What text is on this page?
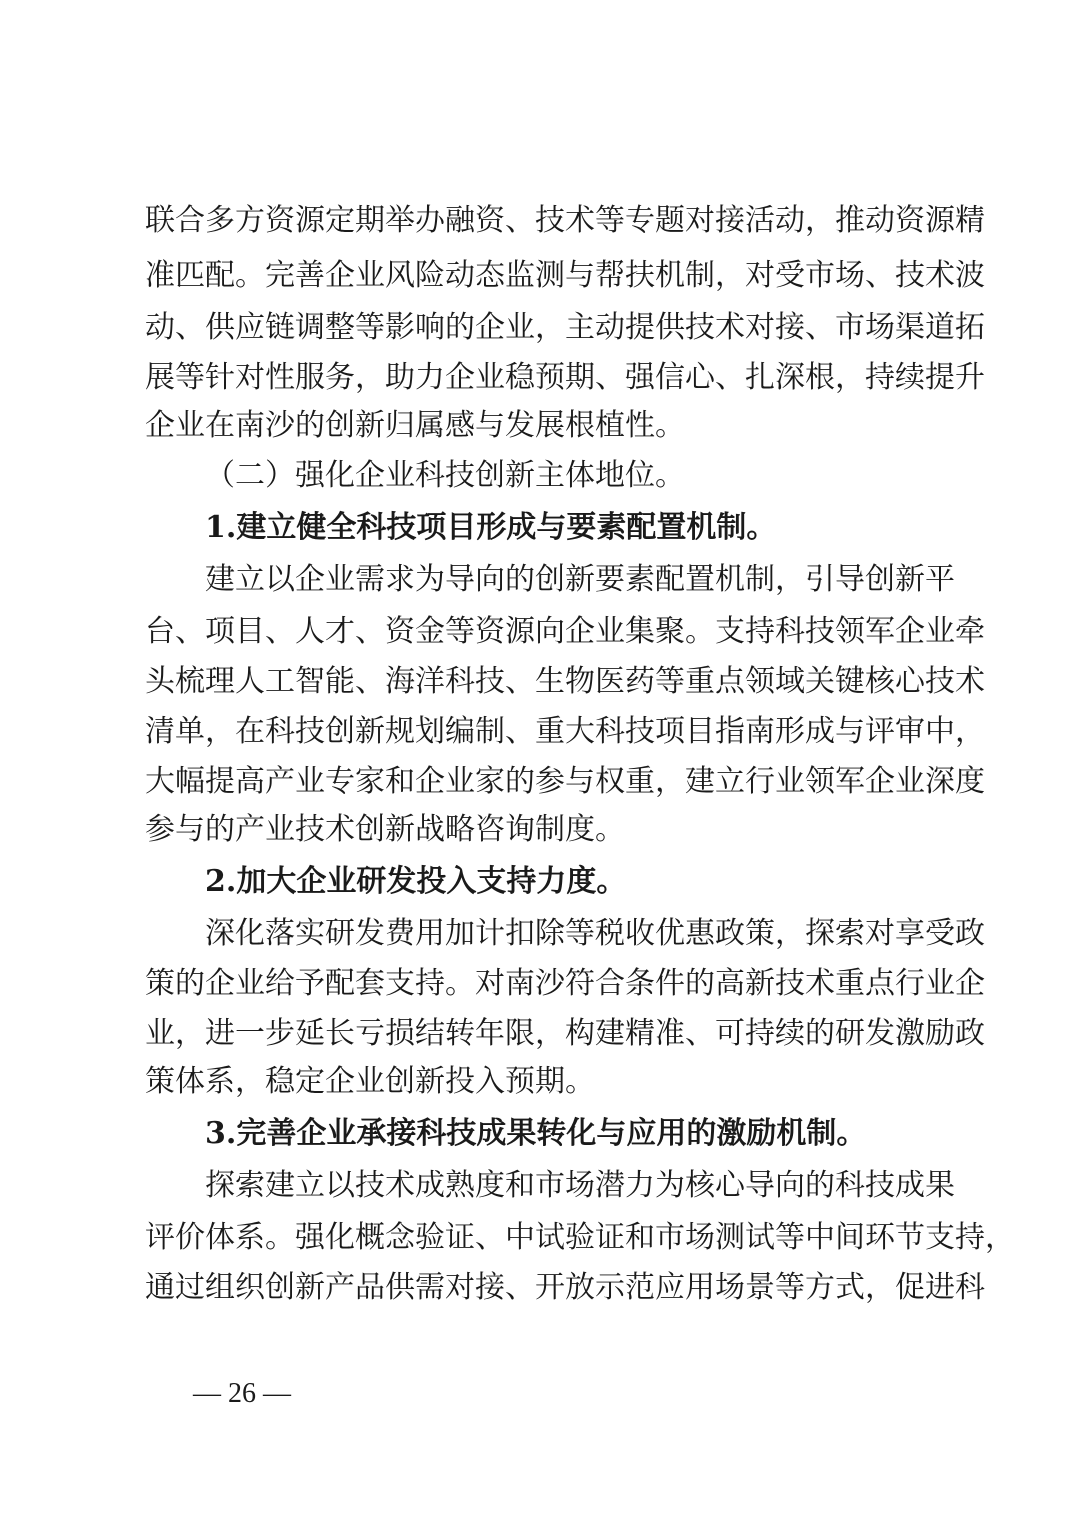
联合多方资源定期举办融资、技术等专题对接活动，推动资源精
准匹配。完善企业风险动态监测与帮扶机制，对受市场、技术波
动、供应链调整等影响的企业，主动提供技术对接、市场渠道拓
展等针对性服务，助力企业稳预期、强信心、扎深根，持续提升
企业在南沙的创新归属感与发展根植性。
（二）强化企业科技创新主体地位。
1.建立健全科技项目形成与要素配置机制。
建立以企业需求为导向的创新要素配置机制，引导创新平
台、项目、人才、资金等资源向企业集聚。支持科技领军企业牵
头梳理人工智能、海洋科技、生物医药等重点领域关键核心技术
清单，在科技创新规划编制、重大科技项目指南形成与评审中，
大幅提高产业专家和企业家的参与权重，建立行业领军企业深度
参与的产业技术创新战略咨询制度。
2.加大企业研发投入支持力度。
深化落实研发费用加计扣除等税收优惠政策，探索对享受政
策的企业给予配套支持。对南沙符合条件的高新技术重点行业企
业，进一步延长亏损结转年限，构建精准、可持续的研发激励政
策体系，稳定企业创新投入预期。
3.完善企业承接科技成果转化与应用的激励机制。
探索建立以技术成熟度和市场潜力为核心导向的科技成果
评价体系。强化概念验证、中试验证和市场测试等中间环节支持，
通过组织创新产品供需对接、开放示范应用场景等方式，促进科
— 26 —
